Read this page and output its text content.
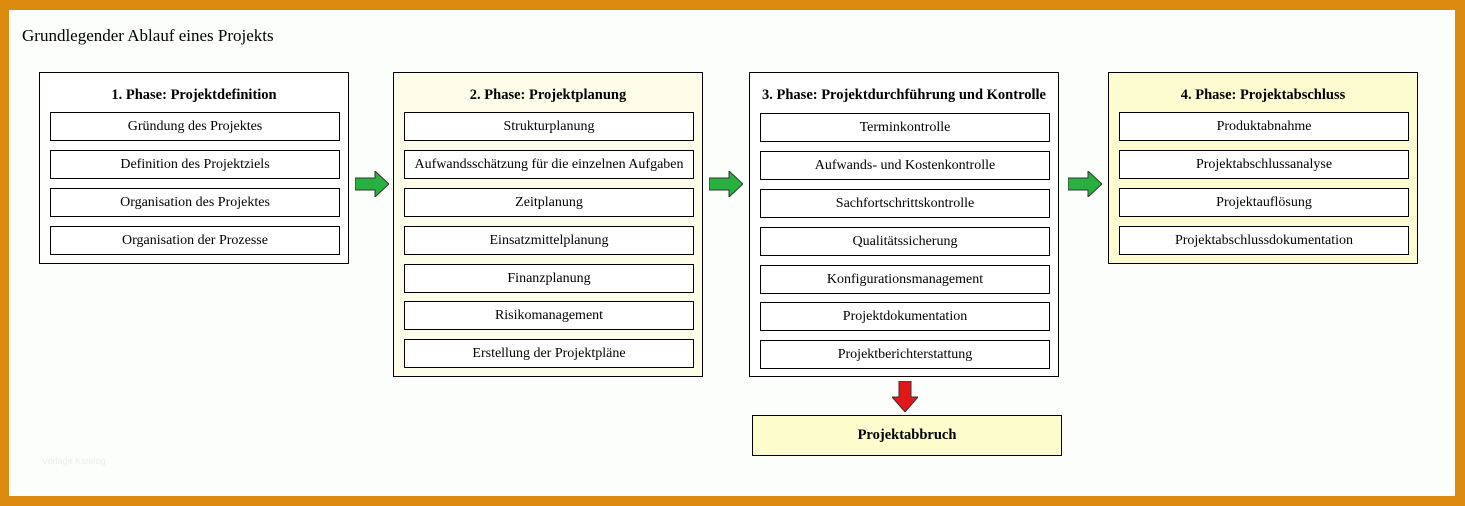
Grundlegender Ablauf eines Projekts
1. Phase: Projektdefinition
Gründung des Projektes
Definition des Projektziels
Organisation des Projektes
Organisation der Prozesse
2. Phase: Projektplanung
Strukturplanung
Aufwandsschätzung für die einzelnen Aufgaben
Zeitplanung
Einsatzmittelplanung
Finanzplanung
Risikomanagement
Erstellung der Projektpläne
3. Phase: Projektdurchführung und Kontrolle
Terminkontrolle
Aufwands- und Kostenkontrolle
Sachfortschrittskontrolle
Qualitätssicherung
Konfigurationsmanagement
Projektdokumentation
Projektberichterstattung
4. Phase: Projektabschluss
Produktabnahme
Projektabschlussanalyse
Projektauflösung
Projektabschlussdokumentation
Projektabbruch
Vorlage Katalog
